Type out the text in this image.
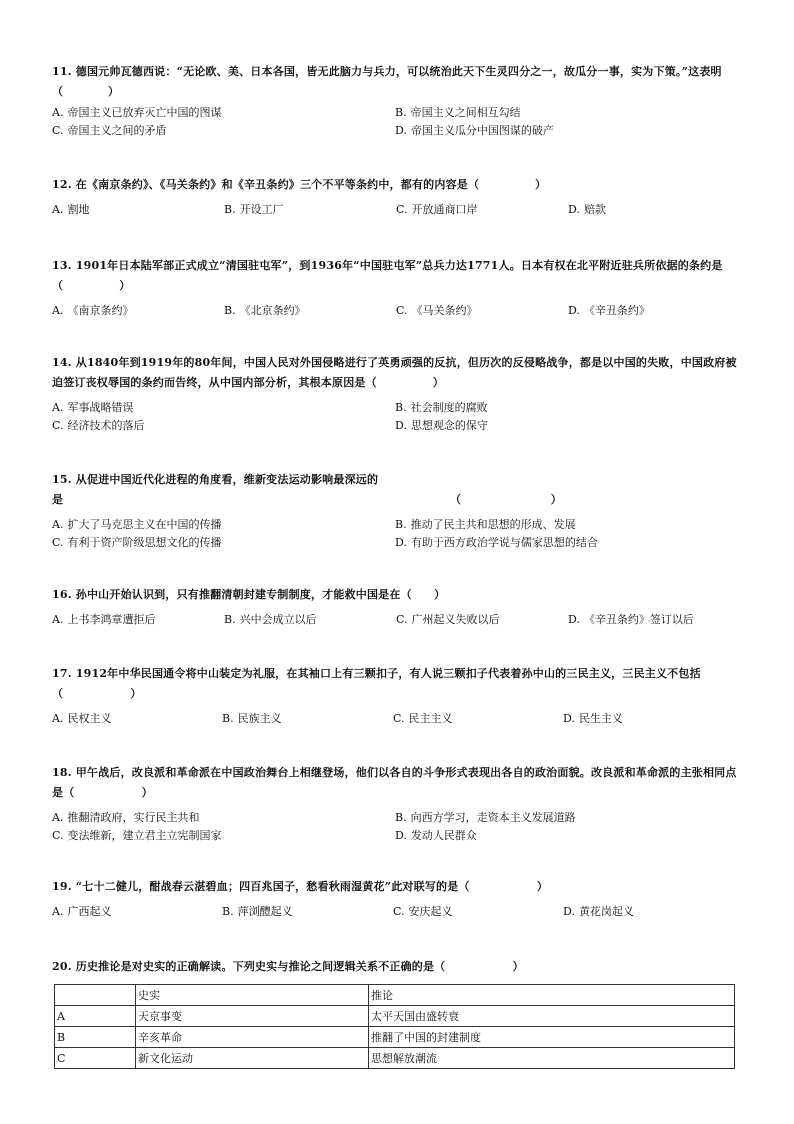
11. 德国元帅瓦德西说：“无论欧、美、日本各国，皆无此脑力与兵力，可以统治此天下生灵四分之一，故瓜分一事，实为下策。”这表明（　　　　）
A. 帝国主义已放弃灭亡中国的图谋	B. 帝国主义之间相互勾结
C. 帝国主义之间的矛盾	D. 帝国主义瓜分中国图谋的破产
12. 在《南京条约》、《马关条约》和《辛丑条约》三个不平等条约中，都有的内容是（　　　　　）
A. 割地	B. 开设工厂	C. 开放通商口岸	D. 赔款
13. 1901年日本陆军部正式成立“清国驻屯军”，到1936年“中国驻屯军”总兵力达1771人。日本有权在北平附近驻兵所依据的条约是（　　　　　）
A. 《南京条约》	B. 《北京条约》	C. 《马关条约》	D. 《辛丑条约》
14. 从1840年到1919年的80年间，中国人民对外国侵略进行了英勇顽强的反抗，但历次的反侵略战争，都是以中国的失败，中国政府被迫签订丧权辱国的条约而告终，从中国内部分析，其根本原因是（　　　　　）
A. 军事战略错误	B. 社会制度的腐败
C. 经济技术的落后	D. 思想观念的保守
15. 从促进中国近代化进程的角度看，维新变法运动影响最深远的
是	（　　　　　　　　）
A. 扩大了马克思主义在中国的传播	B. 推动了民主共和思想的形成、发展
C. 有利于资产阶级思想文化的传播	D. 有助于西方政治学说与儒家思想的结合
16. 孙中山开始认识到，只有推翻清朝封建专制制度，才能救中国是在（　　）
A. 上书李鸿章遭拒后	B. 兴中会成立以后	C. 广州起义失败以后	D. 《辛丑条约》签订以后
17. 1912年中华民国通令将中山装定为礼服，在其袖口上有三颗扣子，有人说三颗扣子代表着孙中山的三民主义，三民主义不包括（　　　　　　）
A. 民权主义	B. 民族主义	C. 民主主义	D. 民生主义
18. 甲午战后，改良派和革命派在中国政治舞台上相继登场，他们以各自的斗争形式表现出各自的政治面貌。改良派和革命派的主张相同点是（　　　　　　）
A. 推翻清政府，实行民主共和	B. 向西方学习，走资本主义发展道路
C. 变法维新，建立君主立宪制国家	D. 发动人民群众
19. “七十二健儿，酣战春云湛碧血；四百兆国子，愁看秋雨湿黄花”此对联写的是（　　　　　　）
A. 广西起义	B. 萍浏醴起义	C. 安庆起义	D. 黄花岗起义
20. 历史推论是对史实的正确解读。下列史实与推论之间逻辑关系不正确的是（　　　　　　）
	史实	推论
A	天京事变	太平天国由盛转衰
B	辛亥革命	推翻了中国的封建制度
C	新文化运动	思想解放潮流
